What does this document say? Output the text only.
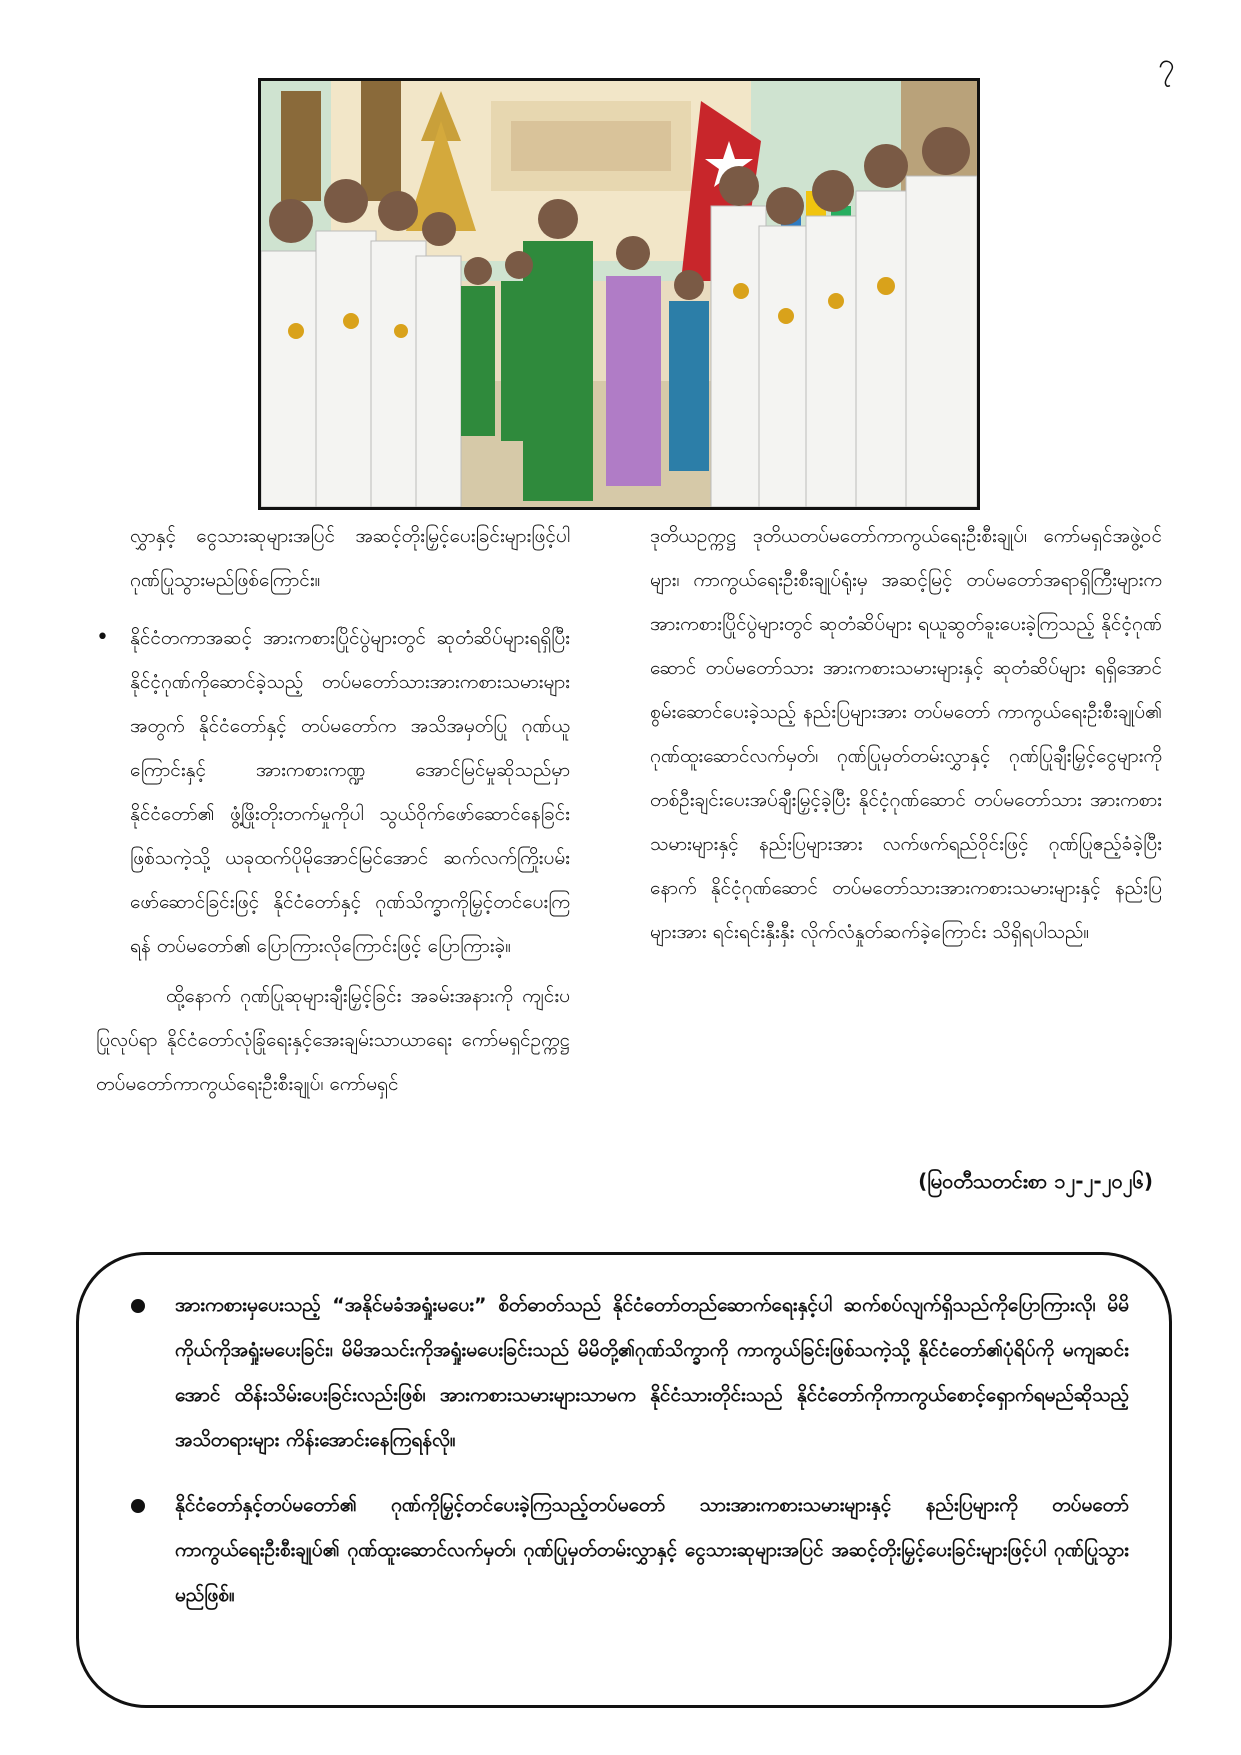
၇

လွှာနှင့် ငွေသားဆုများအပြင် အဆင့်တိုးမြှင့်ပေးခြင်းများဖြင့်ပါ ဂုဏ်ပြုသွားမည်ဖြစ်ကြောင်း။

• နိုင်ငံတကာအဆင့် အားကစားပြိုင်ပွဲများတွင် ဆုတံဆိပ်များရရှိပြီး နိုင်ငံ့ဂုဏ်ကိုဆောင်ခဲ့သည့် တပ်မတော်သားအားကစားသမားများအတွက် နိုင်ငံတော်နှင့် တပ်မတော်က အသိအမှတ်ပြု ဂုဏ်ယူကြောင်းနှင့် အားကစားကဏ္ဍ အောင်မြင်မှုဆိုသည်မှာ နိုင်ငံတော်၏ ဖွံ့ဖြိုးတိုးတက်မှုကိုပါ သွယ်ဝိုက်ဖော်ဆောင်နေခြင်းဖြစ်သကဲ့သို့ ယခုထက်ပိုမိုအောင်မြင်အောင် ဆက်လက်ကြိုးပမ်းဖော်ဆောင်ခြင်းဖြင့် နိုင်ငံတော်နှင့် ဂုဏ်သိက္ခာကိုမြှင့်တင်ပေးကြရန် တပ်မတော်၏ ပြောကြားလိုကြောင်းဖြင့် ပြောကြားခဲ့။

ထို့နောက် ဂုဏ်ပြုဆုများချီးမြှင့်ခြင်း အခမ်းအနားကို ကျင်းပပြုလုပ်ရာ နိုင်ငံတော်လုံခြုံရေးနှင့်အေးချမ်းသာယာရေး ကော်မရှင်ဥက္ကဋ္ဌ တပ်မတော်ကာကွယ်ရေးဦးစီးချုပ်၊ ကော်မရှင်

ဒုတိယဥက္ကဋ္ဌ ဒုတိယတပ်မတော်ကာကွယ်ရေးဦးစီးချုပ်၊ ကော်မရှင်အဖွဲ့ဝင်များ၊ ကာကွယ်ရေးဦးစီးချုပ်ရုံးမှ အဆင့်မြင့် တပ်မတော်အရာရှိကြီးများက အားကစားပြိုင်ပွဲများတွင် ဆုတံဆိပ်များ ရယူဆွတ်ခူးပေးခဲ့ကြသည့် နိုင်ငံ့ဂုဏ်ဆောင် တပ်မတော်သား အားကစားသမားများနှင့် ဆုတံဆိပ်များ ရရှိအောင် စွမ်းဆောင်ပေးခဲ့သည့် နည်းပြများအား တပ်မတော် ကာကွယ်ရေးဦးစီးချုပ်၏ ဂုဏ်ထူးဆောင်လက်မှတ်၊ ဂုဏ်ပြုမှတ်တမ်းလွှာနှင့် ဂုဏ်ပြုချီးမြှင့်ငွေများကို တစ်ဦးချင်းပေးအပ်ချီးမြှင့်ခဲ့ပြီး နိုင်ငံ့ဂုဏ်ဆောင် တပ်မတော်သား အားကစားသမားများနှင့် နည်းပြများအား လက်ဖက်ရည်ဝိုင်းဖြင့် ဂုဏ်ပြုဧည့်ခံခဲ့ပြီးနောက် နိုင်ငံ့ဂုဏ်ဆောင် တပ်မတော်သားအားကစားသမားများနှင့် နည်းပြများအား ရင်းရင်းနှီးနှီး လိုက်လံနှုတ်ဆက်ခဲ့ကြောင်း သိရှိရပါသည်။

(မြဝတီသတင်းစာ ၁၂-၂-၂၀၂၆)
အားကစားမှပေးသည့် “အနိုင်မခံအရှုံးမပေး” စိတ်ဓာတ်သည် နိုင်ငံတော်တည်ဆောက်ရေးနှင့်ပါ ဆက်စပ်လျက်ရှိသည်ကိုပြောကြားလို၊ မိမိကိုယ်ကိုအရှုံးမပေးခြင်း၊ မိမိအသင်းကိုအရှုံးမပေးခြင်းသည် မိမိတို့၏ဂုဏ်သိက္ခာကို ကာကွယ်ခြင်းဖြစ်သကဲ့သို့ နိုင်ငံတော်၏ပုံရိပ်ကို မကျဆင်းအောင် ထိန်းသိမ်းပေးခြင်းလည်းဖြစ်၊ အားကစားသမားများသာမက နိုင်ငံသားတိုင်းသည် နိုင်ငံတော်ကိုကာကွယ်စောင့်ရှောက်ရမည်ဆိုသည့် အသိတရားများ ကိန်းအောင်းနေကြရန်လို။
နိုင်ငံတော်နှင့်တပ်မတော်၏ ဂုဏ်ကိုမြှင့်တင်ပေးခဲ့ကြသည့်တပ်မတော် သားအားကစားသမားများနှင့် နည်းပြများကို တပ်မတော်ကာကွယ်ရေးဦးစီးချုပ်၏ ဂုဏ်ထူးဆောင်လက်မှတ်၊ ဂုဏ်ပြုမှတ်တမ်းလွှာနှင့် ငွေသားဆုများအပြင် အဆင့်တိုးမြှင့်ပေးခြင်းများဖြင့်ပါ ဂုဏ်ပြုသွားမည်ဖြစ်။
